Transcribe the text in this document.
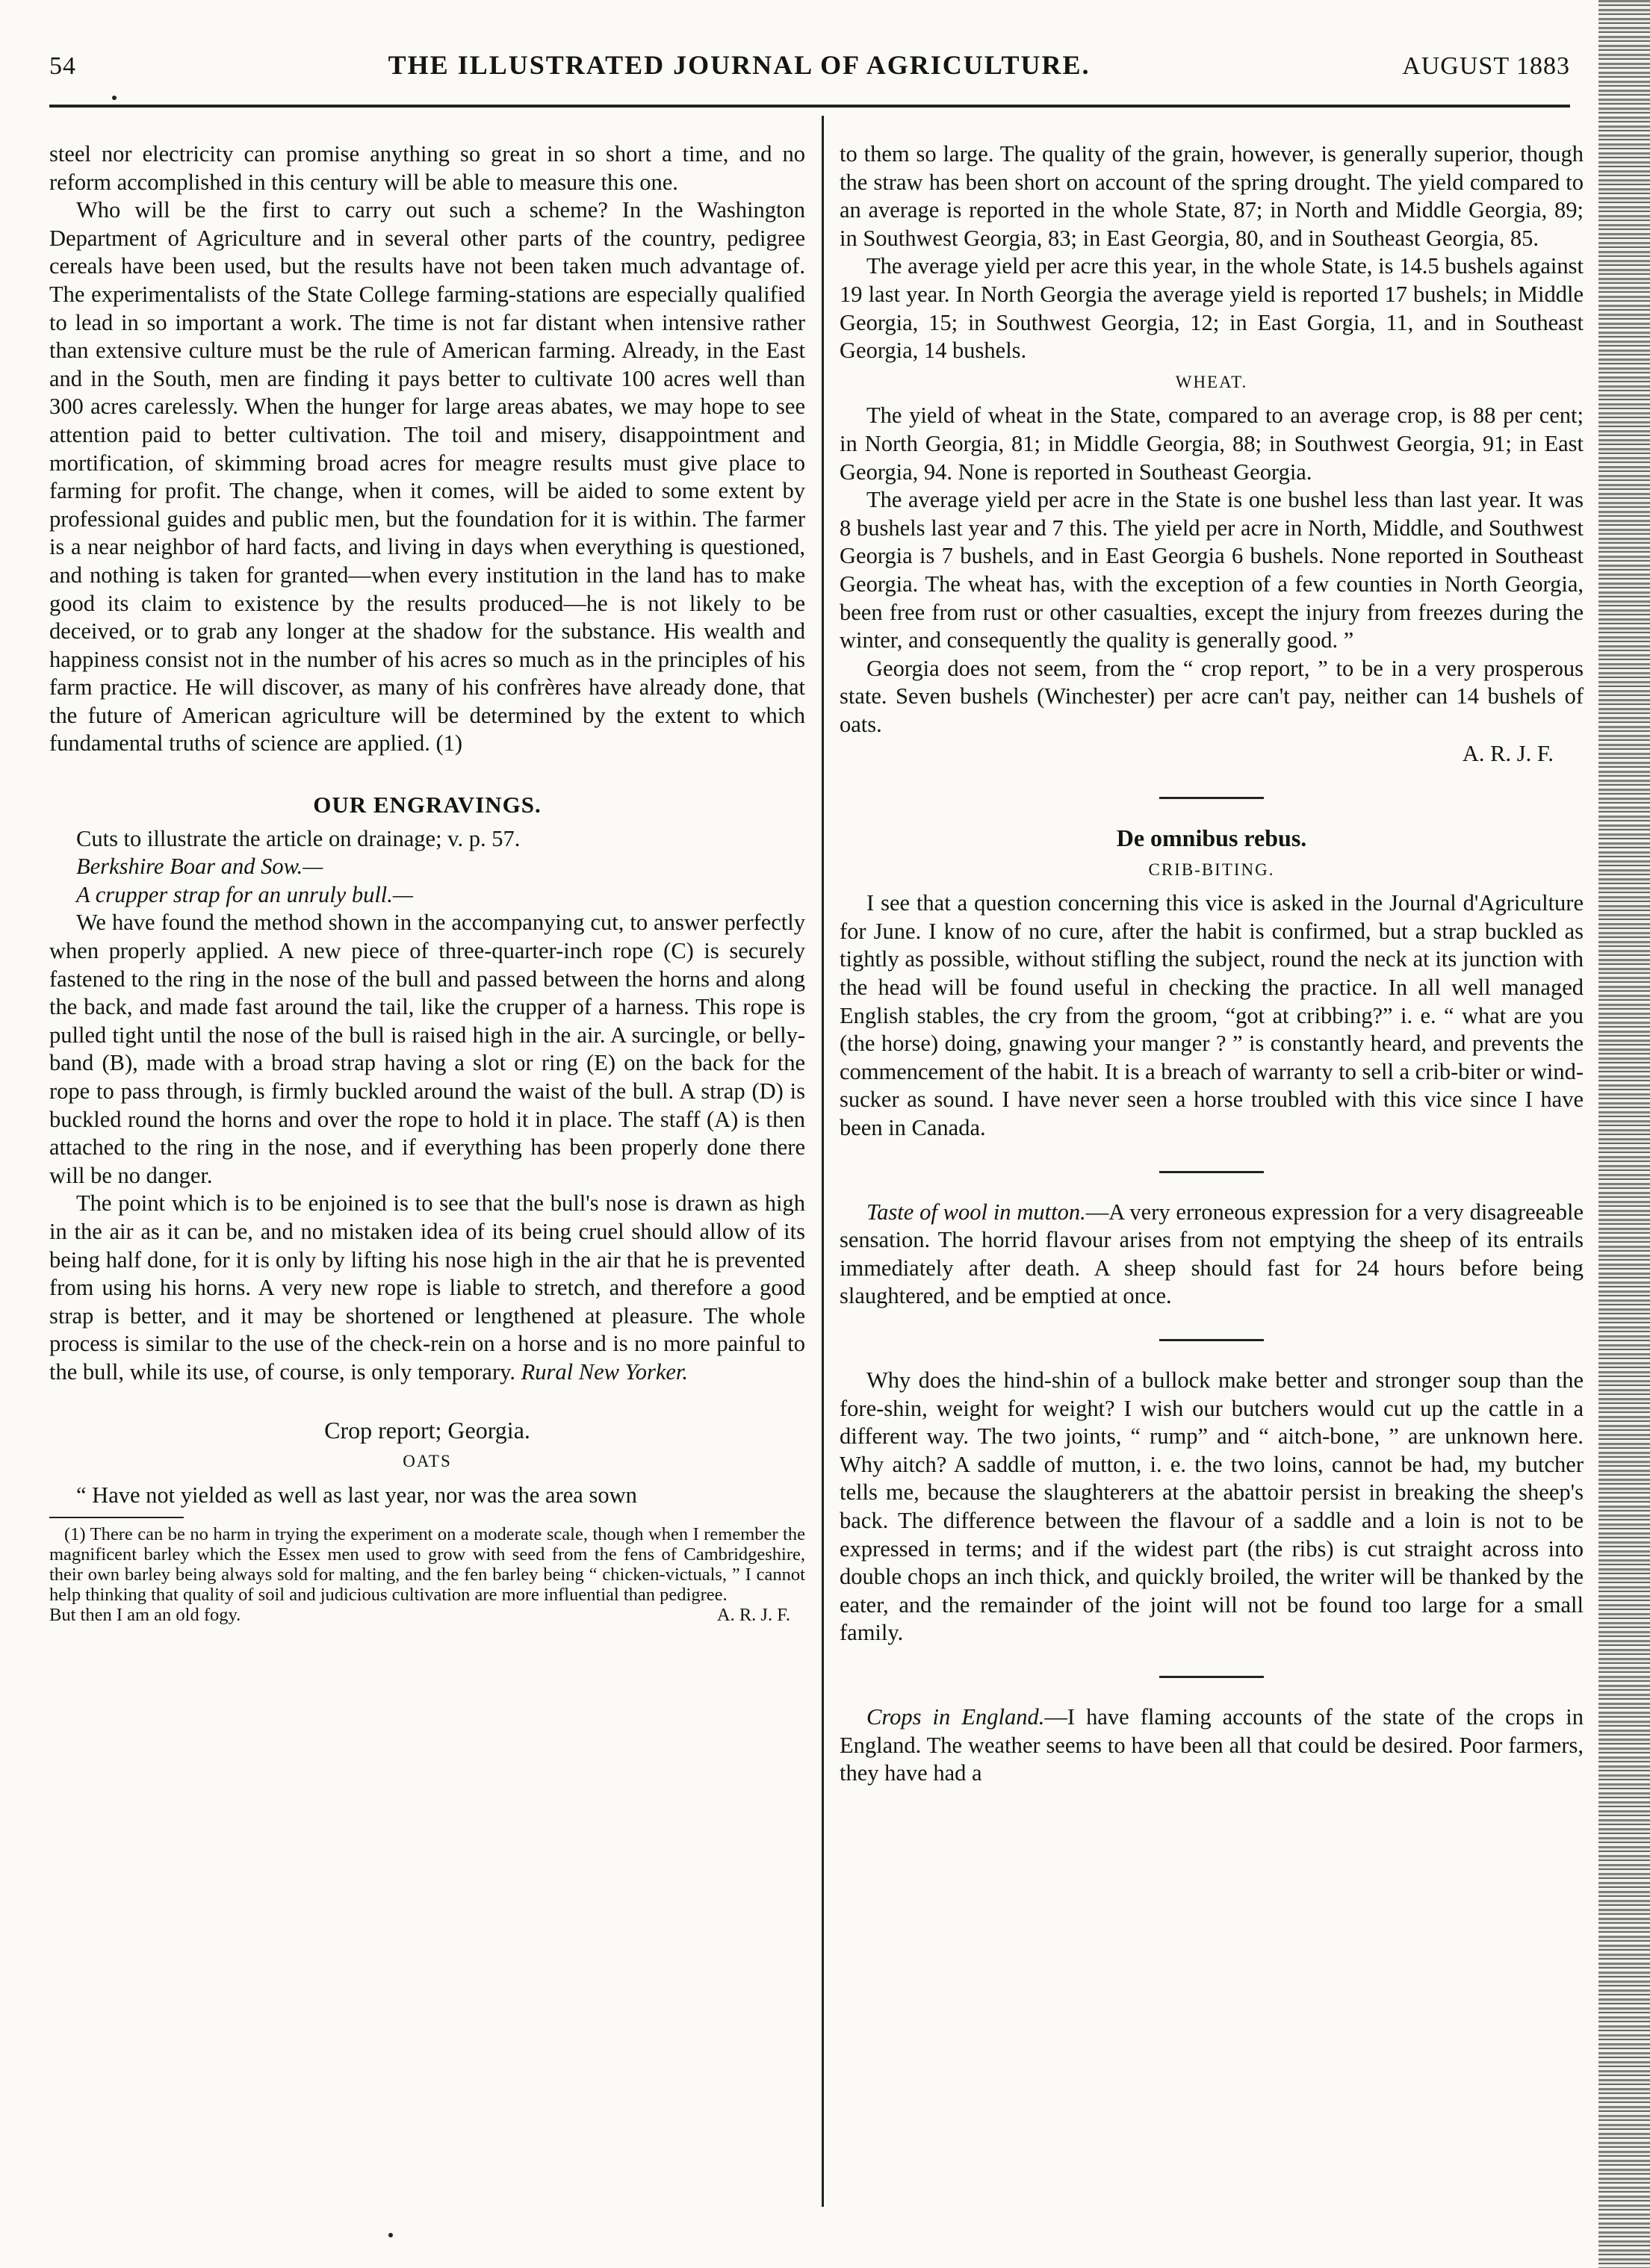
54	THE ILLUSTRATED JOURNAL OF AGRICULTURE.	AUGUST 1883

steel nor electricity can promise anything so great in so short a time, and no reform accomplished in this century will be able to measure this one.

Who will be the first to carry out such a scheme? In the Washington Department of Agriculture and in several other parts of the country, pedigree cereals have been used, but the results have not been taken much advantage of. The experimentalists of the State College farming-stations are especially qualified to lead in so important a work. The time is not far distant when intensive rather than extensive culture must be the rule of American farming. Already, in the East and in the South, men are finding it pays better to cultivate 100 acres well than 300 acres carelessly. When the hunger for large areas abates, we may hope to see attention paid to better cultivation. The toil and misery, disappointment and mortification, of skimming broad acres for meagre results must give place to farming for profit. The change, when it comes, will be aided to some extent by professional guides and public men, but the foundation for it is within. The farmer is a near neighbor of hard facts, and living in days when everything is questioned, and nothing is taken for granted—when every institution in the land has to make good its claim to existence by the results produced—he is not likely to be deceived, or to grab any longer at the shadow for the substance. His wealth and happiness consist not in the number of his acres so much as in the principles of his farm practice. He will discover, as many of his confrères have already done, that the future of American agriculture will be determined by the extent to which fundamental truths of science are applied. (1)

OUR ENGRAVINGS.

Cuts to illustrate the article on drainage; v. p. 57.

Berkshire Boar and Sow.—

A crupper strap for an unruly bull.—

We have found the method shown in the accompanying cut, to answer perfectly when properly applied. A new piece of three-quarter-inch rope (C) is securely fastened to the ring in the nose of the bull and passed between the horns and along the back, and made fast around the tail, like the crupper of a harness. This rope is pulled tight until the nose of the bull is raised high in the air. A surcingle, or belly-band (B), made with a broad strap having a slot or ring (E) on the back for the rope to pass through, is firmly buckled around the waist of the bull. A strap (D) is buckled round the horns and over the rope to hold it in place. The staff (A) is then attached to the ring in the nose, and if everything has been properly done there will be no danger.

The point which is to be enjoined is to see that the bull's nose is drawn as high in the air as it can be, and no mistaken idea of its being cruel should allow of its being half done, for it is only by lifting his nose high in the air that he is prevented from using his horns. A very new rope is liable to stretch, and therefore a good strap is better, and it may be shortened or lengthened at pleasure. The whole process is similar to the use of the check-rein on a horse and is no more painful to the bull, while its use, of course, is only temporary. Rural New Yorker.

Crop report; Georgia.
OATS

“ Have not yielded as well as last year, nor was the area sown

(1) There can be no harm in trying the experiment on a moderate scale, though when I remember the magnificent barley which the Essex men used to grow with seed from the fens of Cambridgeshire, their own barley being always sold for malting, and the fen barley being “ chicken-victuals, ” I cannot help thinking that quality of soil and judicious cultivation are more influential than pedigree.

But then I am an old fogy.	A. R. J. F.

to them so large. The quality of the grain, however, is generally superior, though the straw has been short on account of the spring drought. The yield compared to an average is reported in the whole State, 87; in North and Middle Georgia, 89; in Southwest Georgia, 83; in East Georgia, 80, and in Southeast Georgia, 85.

The average yield per acre this year, in the whole State, is 14.5 bushels against 19 last year. In North Georgia the average yield is reported 17 bushels; in Middle Georgia, 15; in Southwest Georgia, 12; in East Gorgia, 11, and in Southeast Georgia, 14 bushels.

WHEAT.

The yield of wheat in the State, compared to an average crop, is 88 per cent; in North Georgia, 81; in Middle Georgia, 88; in Southwest Georgia, 91; in East Georgia, 94. None is reported in Southeast Georgia.

The average yield per acre in the State is one bushel less than last year. It was 8 bushels last year and 7 this. The yield per acre in North, Middle, and Southwest Georgia is 7 bushels, and in East Georgia 6 bushels. None reported in Southeast Georgia. The wheat has, with the exception of a few counties in North Georgia, been free from rust or other casualties, except the injury from freezes during the winter, and consequently the quality is generally good. ”

Georgia does not seem, from the “ crop report, ” to be in a very prosperous state. Seven bushels (Winchester) per acre can't pay, neither can 14 bushels of oats.

A. R. J. F.
De omnibus rebus.
CRIB-BITING.

I see that a question concerning this vice is asked in the Journal d'Agriculture for June. I know of no cure, after the habit is confirmed, but a strap buckled as tightly as possible, without stifling the subject, round the neck at its junction with the head will be found useful in checking the practice. In all well managed English stables, the cry from the groom, “got at cribbing?” i. e. “ what are you (the horse) doing, gnawing your manger ? ” is constantly heard, and prevents the commencement of the habit. It is a breach of warranty to sell a crib-biter or wind-sucker as sound. I have never seen a horse troubled with this vice since I have been in Canada.

Taste of wool in mutton.—A very erroneous expression for a very disagreeable sensation. The horrid flavour arises from not emptying the sheep of its entrails immediately after death. A sheep should fast for 24 hours before being slaughtered, and be emptied at once.

Why does the hind-shin of a bullock make better and stronger soup than the fore-shin, weight for weight? I wish our butchers would cut up the cattle in a different way. The two joints, “ rump” and “ aitch-bone, ” are unknown here. Why aitch? A saddle of mutton, i. e. the two loins, cannot be had, my butcher tells me, because the slaughterers at the abattoir persist in breaking the sheep's back. The difference between the flavour of a saddle and a loin is not to be expressed in terms; and if the widest part (the ribs) is cut straight across into double chops an inch thick, and quickly broiled, the writer will be thanked by the eater, and the remainder of the joint will not be found too large for a small family.

Crops in England.—I have flaming accounts of the state of the crops in England. The weather seems to have been all that could be desired. Poor farmers, they have had a
